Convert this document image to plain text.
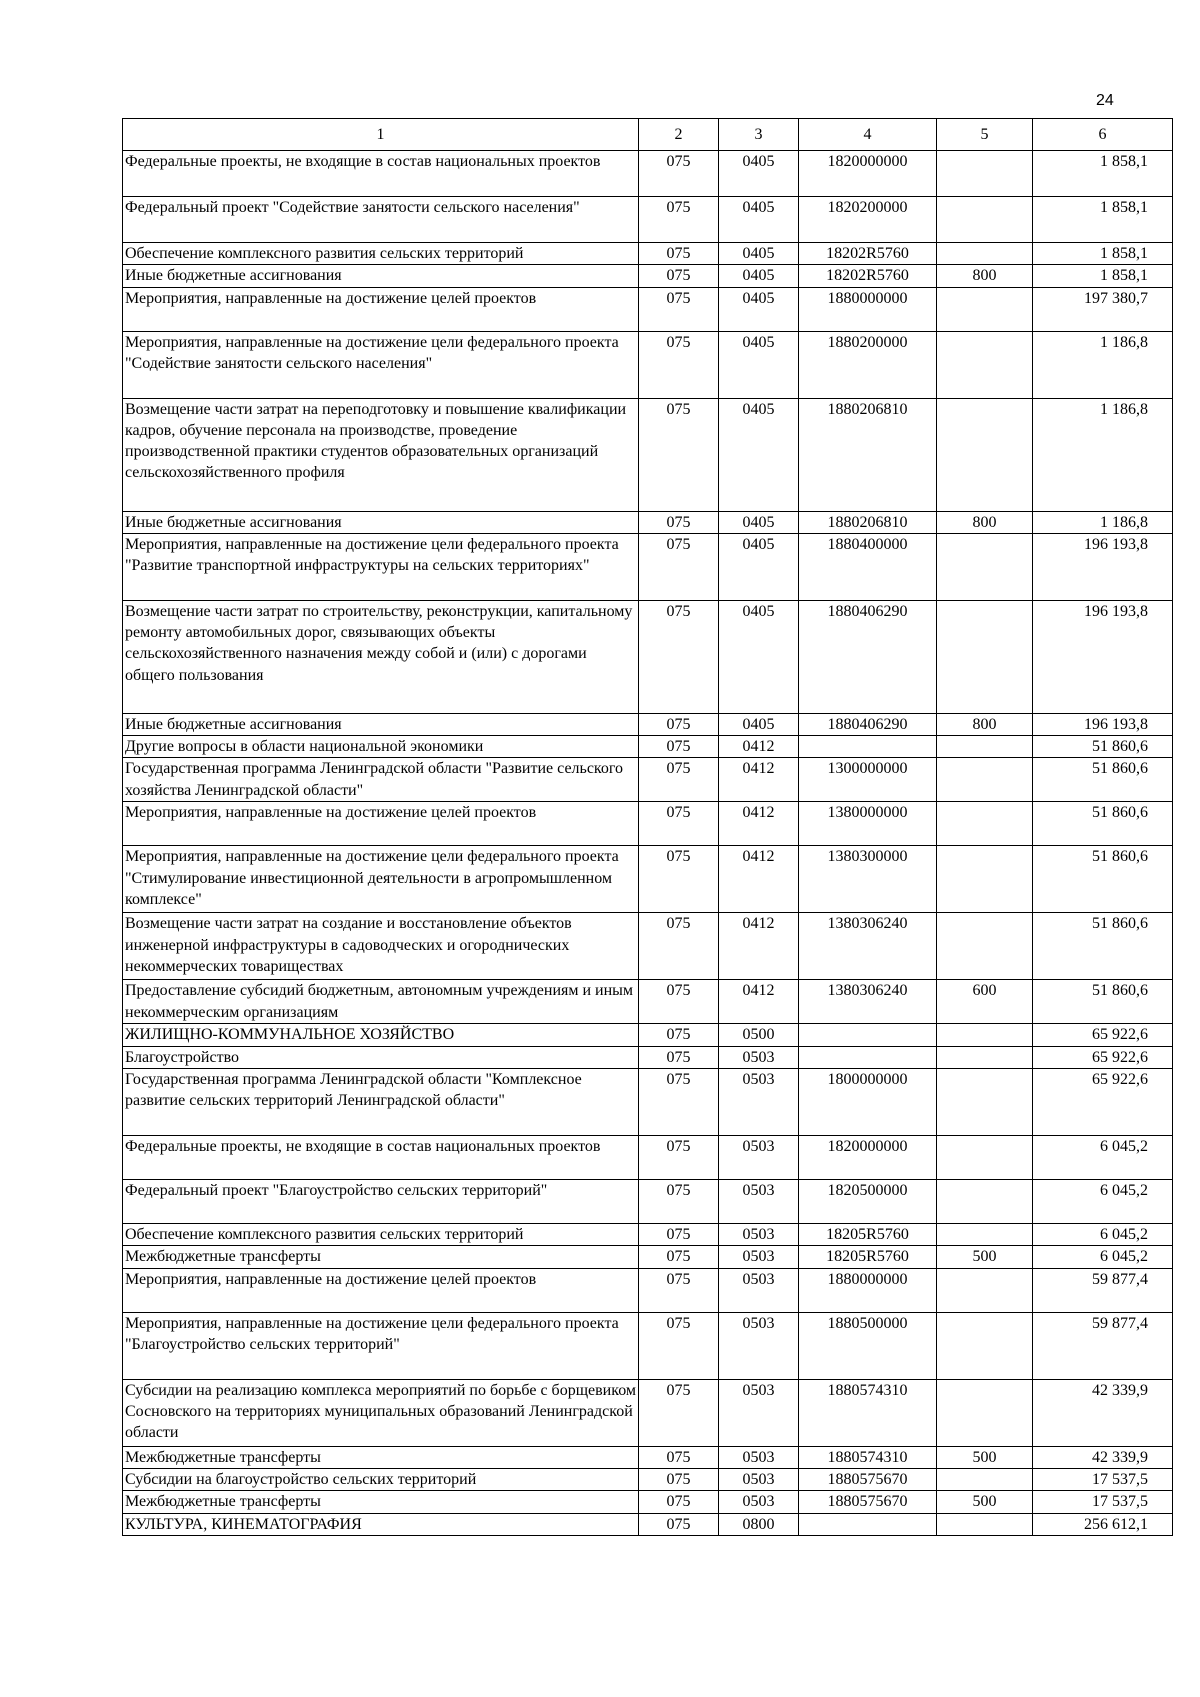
24
1	2	3	4	5	6
Федеральные проекты, не входящие в состав национальных проектов	075	0405	1820000000		1 858,1
Федеральный проект "Содействие занятости сельского населения"	075	0405	1820200000		1 858,1
Обеспечение комплексного развития сельских территорий	075	0405	18202R5760		1 858,1
Иные бюджетные ассигнования	075	0405	18202R5760	800	1 858,1
Мероприятия, направленные на достижение целей проектов	075	0405	1880000000		197 380,7
Мероприятия, направленные на достижение цели федерального проекта "Содействие занятости сельского населения"	075	0405	1880200000		1 186,8
Возмещение части затрат на переподготовку и повышение квалификации кадров, обучение персонала на производстве, проведение производственной практики студентов образовательных организаций сельскохозяйственного профиля	075	0405	1880206810		1 186,8
Иные бюджетные ассигнования	075	0405	1880206810	800	1 186,8
Мероприятия, направленные на достижение цели федерального проекта "Развитие транспортной инфраструктуры на сельских территориях"	075	0405	1880400000		196 193,8
Возмещение части затрат по строительству, реконструкции, капитальному ремонту автомобильных дорог, связывающих объекты сельскохозяйственного назначения между собой и (или) с дорогами общего пользования	075	0405	1880406290		196 193,8
Иные бюджетные ассигнования	075	0405	1880406290	800	196 193,8
Другие вопросы в области национальной экономики	075	0412			51 860,6
Государственная программа Ленинградской области "Развитие сельского хозяйства Ленинградской области"	075	0412	1300000000		51 860,6
Мероприятия, направленные на достижение целей проектов	075	0412	1380000000		51 860,6
Мероприятия, направленные на достижение цели федерального проекта "Стимулирование инвестиционной деятельности в агропромышленном комплексе"	075	0412	1380300000		51 860,6
Возмещение части затрат на создание и восстановление объектов инженерной инфраструктуры в садоводческих и огороднических некоммерческих товариществах	075	0412	1380306240		51 860,6
Предоставление субсидий бюджетным, автономным учреждениям и иным некоммерческим организациям	075	0412	1380306240	600	51 860,6
ЖИЛИЩНО-КОММУНАЛЬНОЕ ХОЗЯЙСТВО	075	0500			65 922,6
Благоустройство	075	0503			65 922,6
Государственная программа Ленинградской области "Комплексное развитие сельских территорий Ленинградской области"	075	0503	1800000000		65 922,6
Федеральные проекты, не входящие в состав национальных проектов	075	0503	1820000000		6 045,2
Федеральный проект "Благоустройство сельских территорий"	075	0503	1820500000		6 045,2
Обеспечение комплексного развития сельских территорий	075	0503	18205R5760		6 045,2
Межбюджетные трансферты	075	0503	18205R5760	500	6 045,2
Мероприятия, направленные на достижение целей проектов	075	0503	1880000000		59 877,4
Мероприятия, направленные на достижение цели федерального проекта "Благоустройство сельских территорий"	075	0503	1880500000		59 877,4
Субсидии на реализацию комплекса мероприятий по борьбе с борщевиком Сосновского на территориях муниципальных образований Ленинградской области	075	0503	1880574310		42 339,9
Межбюджетные трансферты	075	0503	1880574310	500	42 339,9
Субсидии на благоустройство сельских территорий	075	0503	1880575670		17 537,5
Межбюджетные трансферты	075	0503	1880575670	500	17 537,5
КУЛЬТУРА, КИНЕМАТОГРАФИЯ	075	0800			256 612,1
